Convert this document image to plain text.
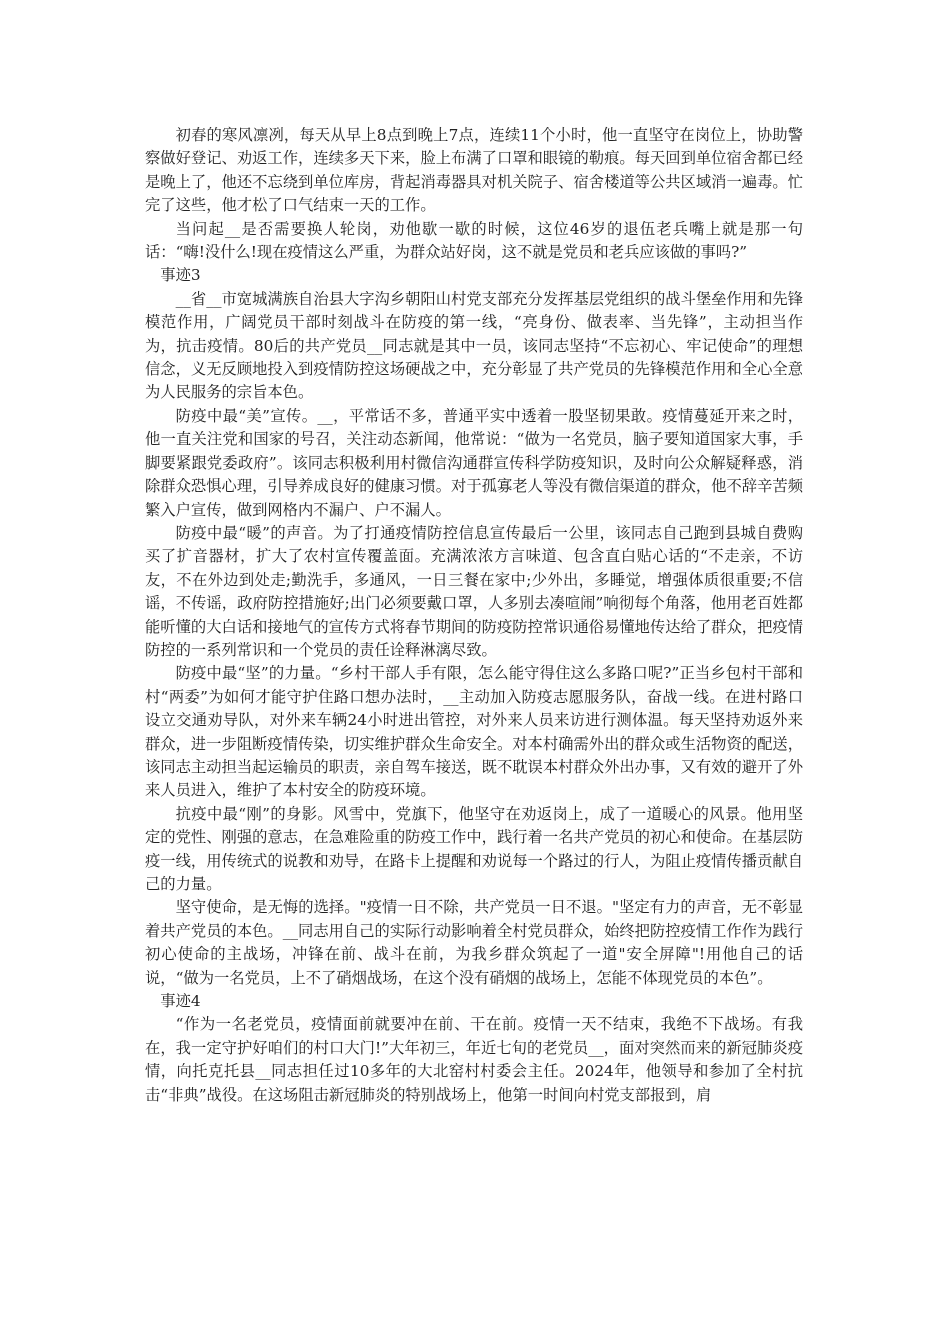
初春的寒风凛冽，每天从早上8点到晚上7点，连续11个小时，他一直坚守在岗位上，协助警察做好登记、劝返工作，连续多天下来，脸上布满了口罩和眼镜的勒痕。每天回到单位宿舍都已经是晚上了，他还不忘绕到单位库房，背起消毒器具对机关院子、宿舍楼道等公共区域消一遍毒。忙完了这些，他才松了口气结束一天的工作。

当问起__是否需要换人轮岗，劝他歇一歇的时候，这位46岁的退伍老兵嘴上就是那一句话：“嗨!没什么!现在疫情这么严重，为群众站好岗，这不就是党员和老兵应该做的事吗?”

事迹3

__省__市宽城满族自治县大字沟乡朝阳山村党支部充分发挥基层党组织的战斗堡垒作用和先锋模范作用，广阔党员干部时刻战斗在防疫的第一线，“亮身份、做表率、当先锋”，主动担当作为，抗击疫情。80后的共产党员__同志就是其中一员，该同志坚持“不忘初心、牢记使命”的理想信念，义无反顾地投入到疫情防控这场硬战之中，充分彰显了共产党员的先锋模范作用和全心全意为人民服务的宗旨本色。

防疫中最“美”宣传。__，平常话不多，普通平实中透着一股坚韧果敢。疫情蔓延开来之时，他一直关注党和国家的号召，关注动态新闻，他常说：“做为一名党员，脑子要知道国家大事，手脚要紧跟党委政府”。该同志积极利用村微信沟通群宣传科学防疫知识，及时向公众解疑释惑，消除群众恐惧心理，引导养成良好的健康习惯。对于孤寡老人等没有微信渠道的群众，他不辞辛苦频繁入户宣传，做到网格内不漏户、户不漏人。

防疫中最“暖”的声音。为了打通疫情防控信息宣传最后一公里，该同志自己跑到县城自费购买了扩音器材，扩大了农村宣传覆盖面。充满浓浓方言味道、包含直白贴心话的“不走亲，不访友，不在外边到处走;勤洗手，多通风，一日三餐在家中;少外出，多睡觉，增强体质很重要;不信谣，不传谣，政府防控措施好;出门必须要戴口罩，人多别去凑喧闹”响彻每个角落，他用老百姓都能听懂的大白话和接地气的宣传方式将春节期间的防疫防控常识通俗易懂地传达给了群众，把疫情防控的一系列常识和一个党员的责任诠释淋漓尽致。

防疫中最“坚”的力量。“乡村干部人手有限，怎么能守得住这么多路口呢?”正当乡包村干部和村“两委”为如何才能守护住路口想办法时，__主动加入防疫志愿服务队，奋战一线。在进村路口设立交通劝导队，对外来车辆24小时进出管控，对外来人员来访进行测体温。每天坚持劝返外来群众，进一步阻断疫情传染，切实维护群众生命安全。对本村确需外出的群众或生活物资的配送，该同志主动担当起运输员的职责，亲自驾车接送，既不耽误本村群众外出办事，又有效的避开了外来人员进入，维护了本村安全的防疫环境。

抗疫中最“刚”的身影。风雪中，党旗下，他坚守在劝返岗上，成了一道暖心的风景。他用坚定的党性、刚强的意志，在急难险重的防疫工作中，践行着一名共产党员的初心和使命。在基层防疫一线，用传统式的说教和劝导，在路卡上提醒和劝说每一个路过的行人，为阻止疫情传播贡献自己的力量。

坚守使命，是无悔的选择。"疫情一日不除，共产党员一日不退。"坚定有力的声音，无不彰显着共产党员的本色。__同志用自己的实际行动影响着全村党员群众，始终把防控疫情工作作为践行初心使命的主战场，冲锋在前、战斗在前，为我乡群众筑起了一道"安全屏障"!用他自己的话说，“做为一名党员，上不了硝烟战场，在这个没有硝烟的战场上，怎能不体现党员的本色”。

事迹4

“作为一名老党员，疫情面前就要冲在前、干在前。疫情一天不结束，我绝不下战场。有我在，我一定守护好咱们的村口大门!”大年初三，年近七旬的老党员__，面对突然而来的新冠肺炎疫情，向托克托县__同志担任过10多年的大北窑村村委会主任。2024年，他领导和参加了全村抗击“非典”战役。在这场阻击新冠肺炎的特别战场上，他第一时间向村党支部报到，肩
